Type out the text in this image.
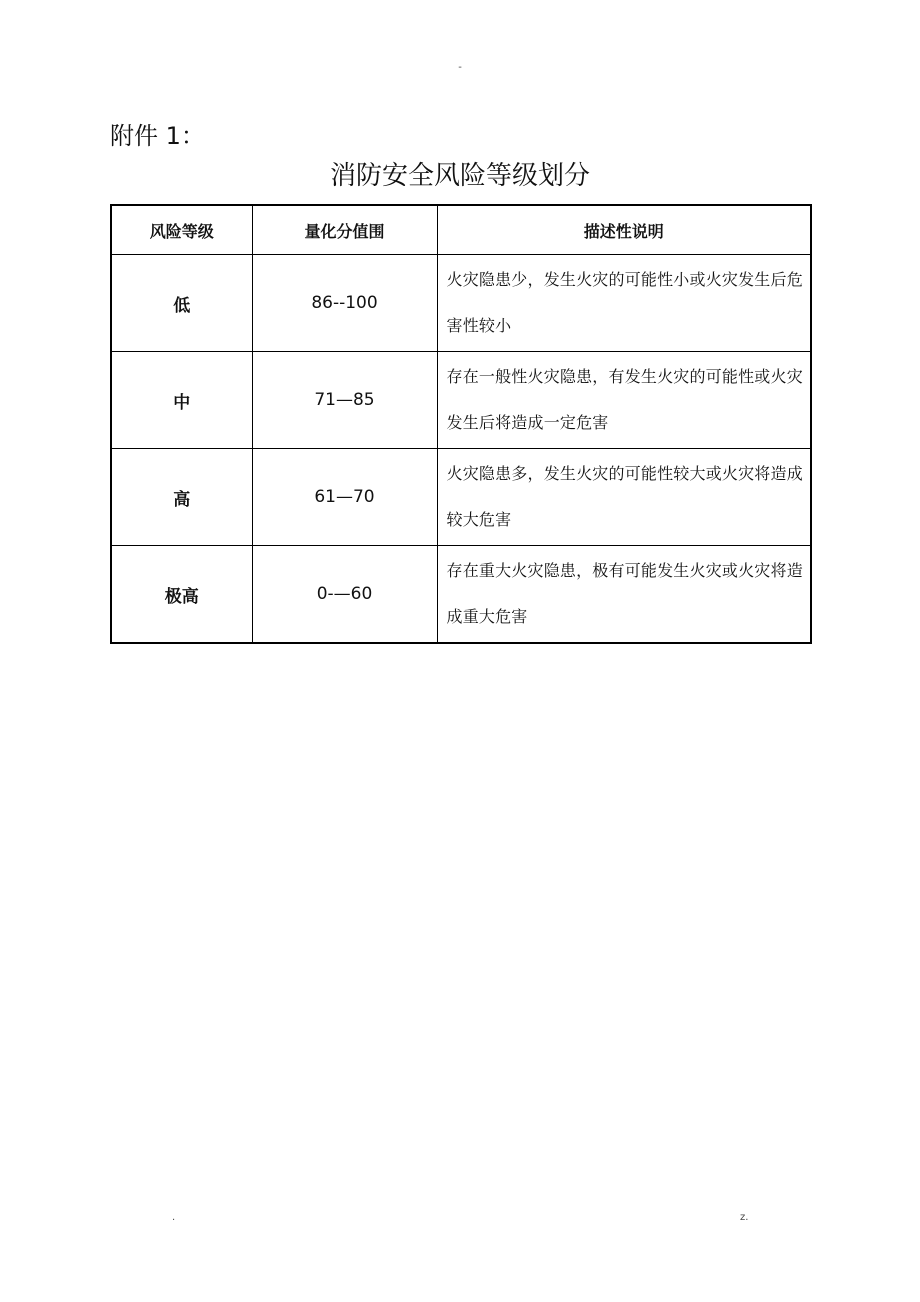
-
附件 1：
消防安全风险等级划分
风险等级	量化分值围	描述性说明
低	86--100	火灾隐患少，发生火灾的可能性小或火灾发生后危害性较小
中	71—85	存在一般性火灾隐患，有发生火灾的可能性或火灾发生后将造成一定危害
高	61—70	火灾隐患多，发生火灾的可能性较大或火灾将造成较大危害
极高	0-—60	存在重大火灾隐患，极有可能发生火灾或火灾将造成重大危害
.	z.
